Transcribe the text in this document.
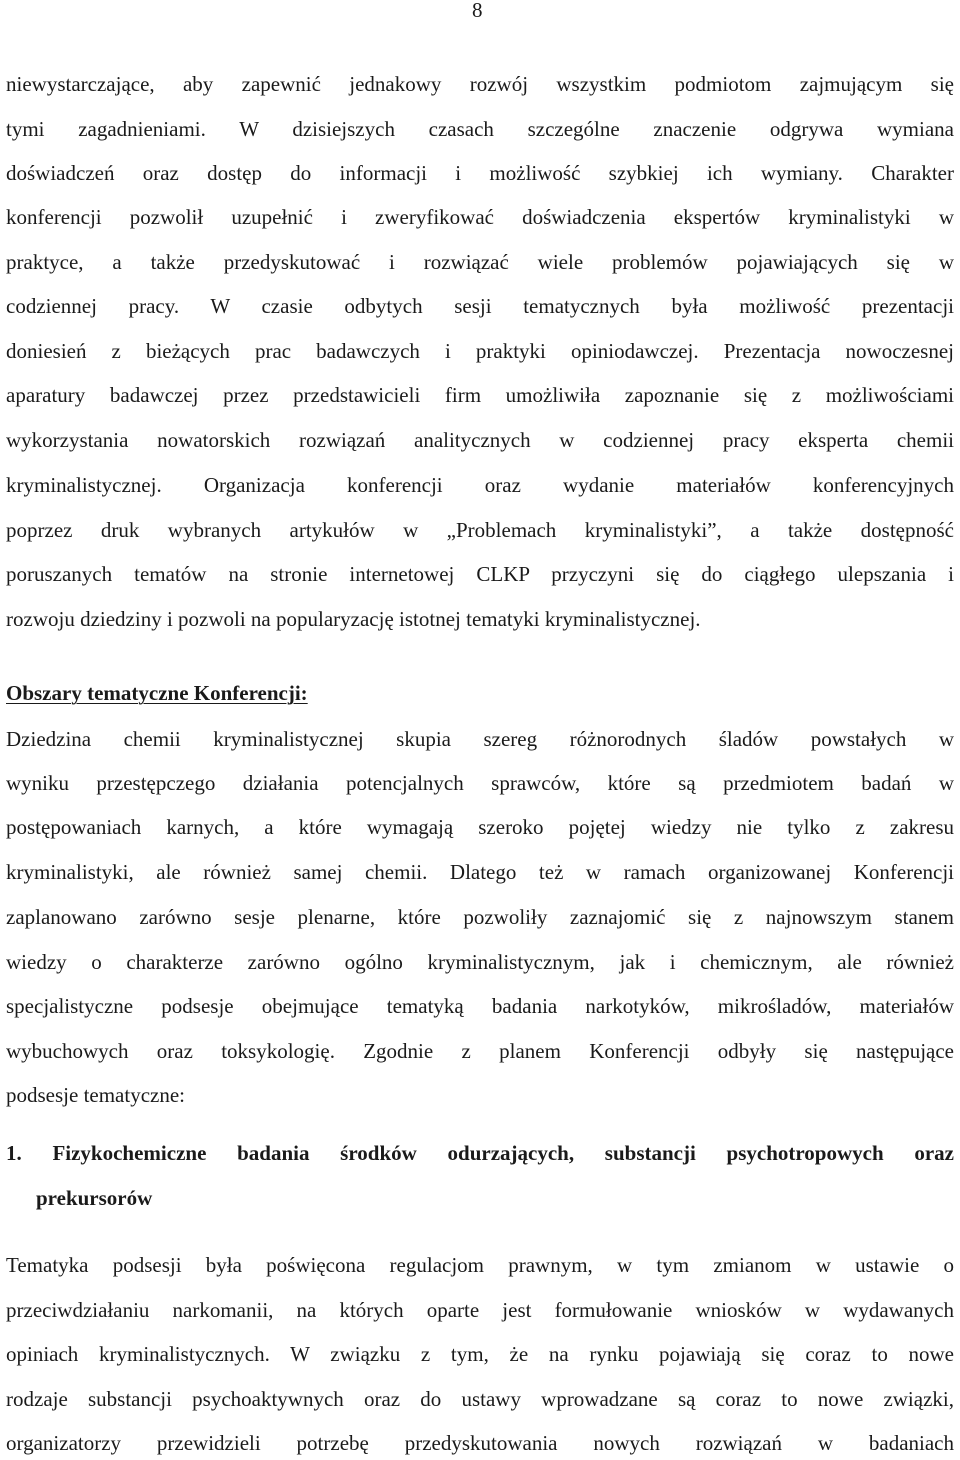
8
niewystarczające, aby zapewnić jednakowy rozwój wszystkim podmiotom zajmującym się
tymi zagadnieniami. W dzisiejszych czasach szczególne znaczenie odgrywa wymiana
doświadczeń oraz dostęp do informacji i możliwość szybkiej ich wymiany. Charakter
konferencji pozwolił uzupełnić i zweryfikować doświadczenia ekspertów kryminalistyki w
praktyce, a także przedyskutować i rozwiązać wiele problemów pojawiających się w
codziennej pracy. W czasie odbytych sesji tematycznych była możliwość prezentacji
doniesień z bieżących prac badawczych i praktyki opiniodawczej. Prezentacja nowoczesnej
aparatury badawczej przez przedstawicieli firm umożliwiła zapoznanie się z możliwościami
wykorzystania nowatorskich rozwiązań analitycznych w codziennej pracy eksperta chemii
kryminalistycznej. Organizacja konferencji oraz wydanie materiałów konferencyjnych
poprzez druk wybranych artykułów w „Problemach kryminalistyki”, a także dostępność
poruszanych tematów na stronie internetowej CLKP przyczyni się do ciągłego ulepszania i
rozwoju dziedziny i pozwoli na popularyzację istotnej tematyki kryminalistycznej.
Obszary tematyczne Konferencji:
Dziedzina chemii kryminalistycznej skupia szereg różnorodnych śladów powstałych w
wyniku przestępczego działania potencjalnych sprawców, które są przedmiotem badań w
postępowaniach karnych, a które wymagają szeroko pojętej wiedzy nie tylko z zakresu
kryminalistyki, ale również samej chemii. Dlatego też w ramach organizowanej Konferencji
zaplanowano zarówno sesje plenarne, które pozwoliły zaznajomić się z najnowszym stanem
wiedzy o charakterze zarówno ogólno kryminalistycznym, jak i chemicznym, ale również
specjalistyczne podsesje obejmujące tematyką badania narkotyków, mikrośladów, materiałów
wybuchowych oraz toksykologię. Zgodnie z planem Konferencji odbyły się następujące
podsesje tematyczne:
1. Fizykochemiczne badania środków odurzających, substancji psychotropowych oraz
prekursorów
Tematyka podsesji była poświęcona regulacjom prawnym, w tym zmianom w ustawie o
przeciwdziałaniu narkomanii, na których oparte jest formułowanie wniosków w wydawanych
opiniach kryminalistycznych. W związku z tym, że na rynku pojawiają się coraz to nowe
rodzaje substancji psychoaktywnych oraz do ustawy wprowadzane są coraz to nowe związki,
organizatorzy przewidzieli potrzebę przedyskutowania nowych rozwiązań w badaniach
